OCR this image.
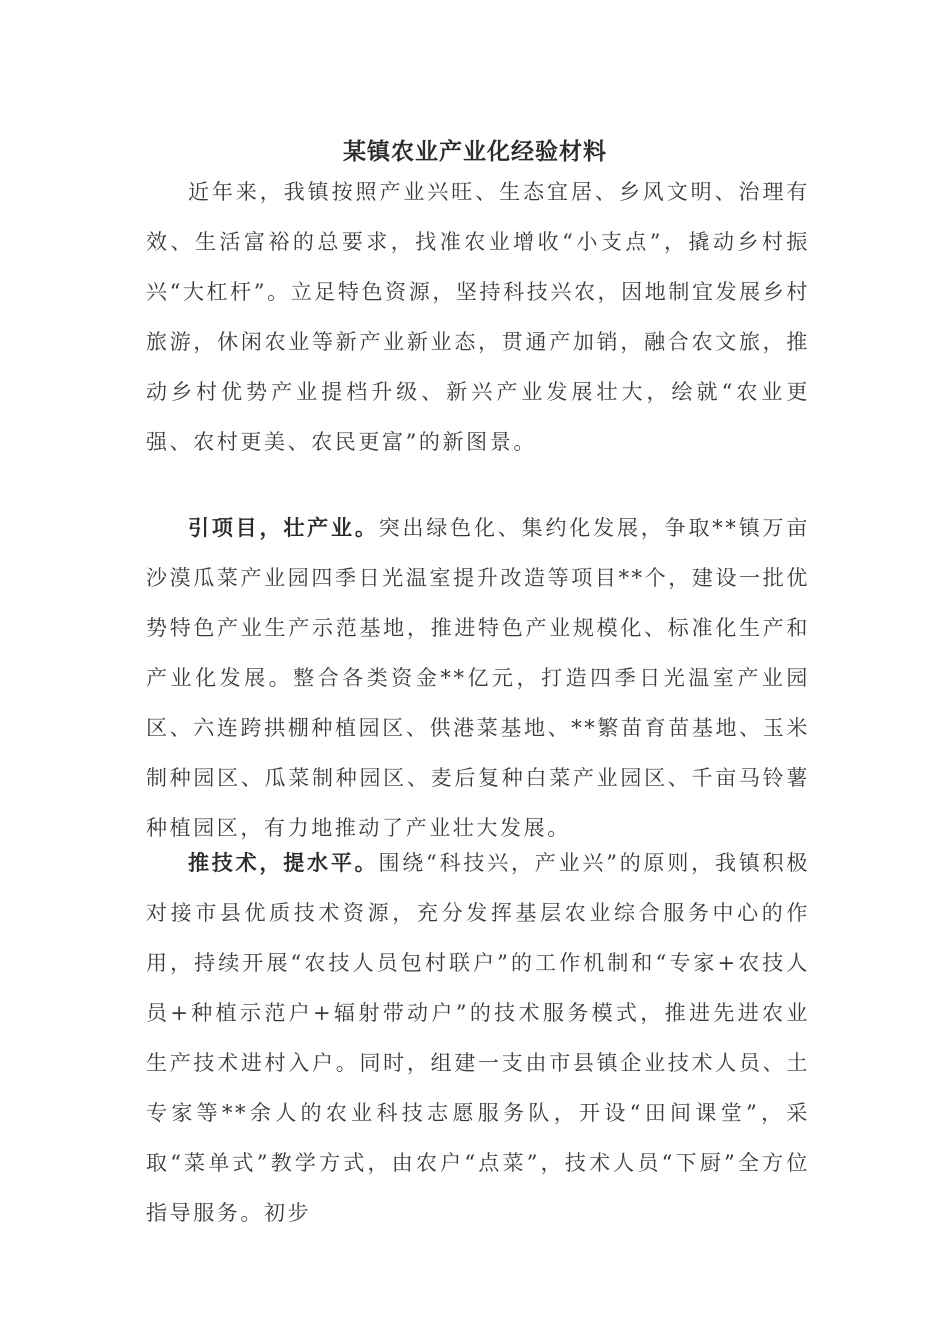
某镇农业产业化经验材料

近年来，我镇按照产业兴旺、生态宜居、乡风文明、治理有效、生活富裕的总要求，找准农业增收“小支点”，撬动乡村振兴“大杠杆”。立足特色资源，坚持科技兴农，因地制宜发展乡村旅游，休闲农业等新产业新业态，贯通产加销，融合农文旅，推动乡村优势产业提档升级、新兴产业发展壮大，绘就“农业更强、农村更美、农民更富”的新图景。

引项目，壮产业。突出绿色化、集约化发展，争取**镇万亩沙漠瓜菜产业园四季日光温室提升改造等项目**个，建设一批优势特色产业生产示范基地，推进特色产业规模化、标准化生产和产业化发展。整合各类资金**亿元，打造四季日光温室产业园区、六连跨拱棚种植园区、供港菜基地、**繁苗育苗基地、玉米制种园区、瓜菜制种园区、麦后复种白菜产业园区、千亩马铃薯种植园区，有力地推动了产业壮大发展。

推技术，提水平。围绕“科技兴，产业兴”的原则，我镇积极对接市县优质技术资源，充分发挥基层农业综合服务中心的作用，持续开展“农技人员包村联户”的工作机制和“专家+农技人员+种植示范户+辐射带动户”的技术服务模式，推进先进农业生产技术进村入户。同时，组建一支由市县镇企业技术人员、土专家等**余人的农业科技志愿服务队，开设“田间课堂”，采取“菜单式”教学方式，由农户“点菜”，技术人员“下厨”全方位指导服务。初步
